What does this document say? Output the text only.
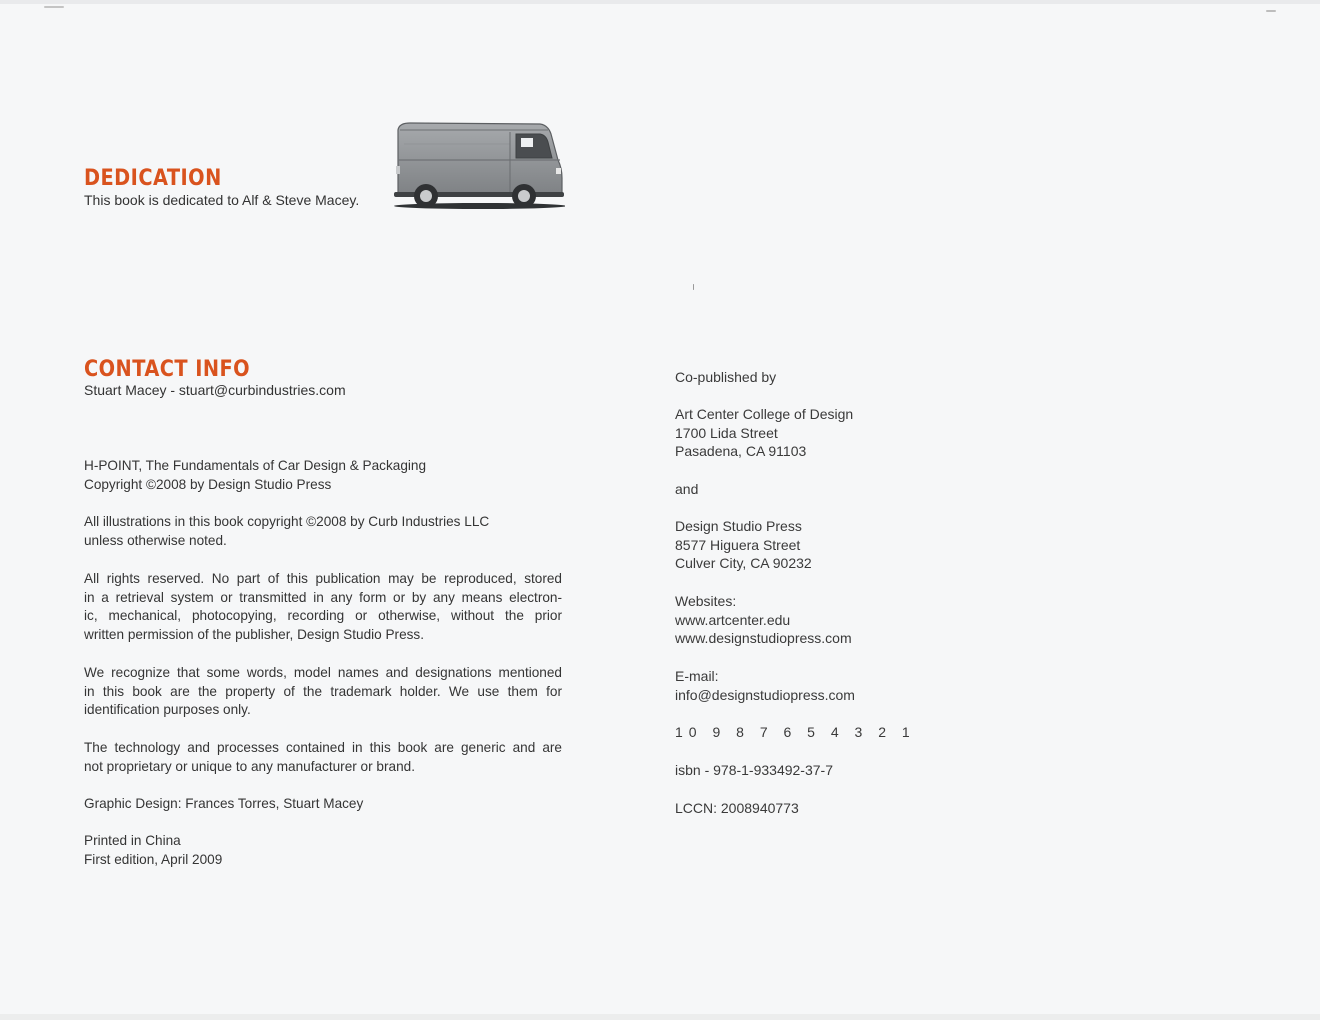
DEDICATION

This book is dedicated to Alf & Steve Macey.

CONTACT INFO

Stuart Macey - stuart@curbindustries.com

H-POINT, The Fundamentals of Car Design & Packaging

Copyright ©2008 by Design Studio Press

All illustrations in this book copyright ©2008 by Curb Industries LLC

unless otherwise noted.

All rights reserved. No part of this publication may be reproduced, stored

in a retrieval system or transmitted in any form or by any means electron-

ic, mechanical, photocopying, recording or otherwise, without the prior

written permission of the publisher, Design Studio Press.

We recognize that some words, model names and designations mentioned

in this book are the property of the trademark holder. We use them for

identification purposes only.

The technology and processes contained in this book are generic and are

not proprietary or unique to any manufacturer or brand.

Graphic Design: Frances Torres, Stuart Macey

Printed in China

First edition, April 2009

Co-published by

Art Center College of Design

1700 Lida Street

Pasadena, CA 91103

and

Design Studio Press

8577 Higuera Street

Culver City, CA 90232

Websites:

www.artcenter.edu

www.designstudiopress.com

E-mail:

info@designstudiopress.com

10 9 8 7 6 5 4 3 2 1

isbn - 978-1-933492-37-7

LCCN: 2008940773
